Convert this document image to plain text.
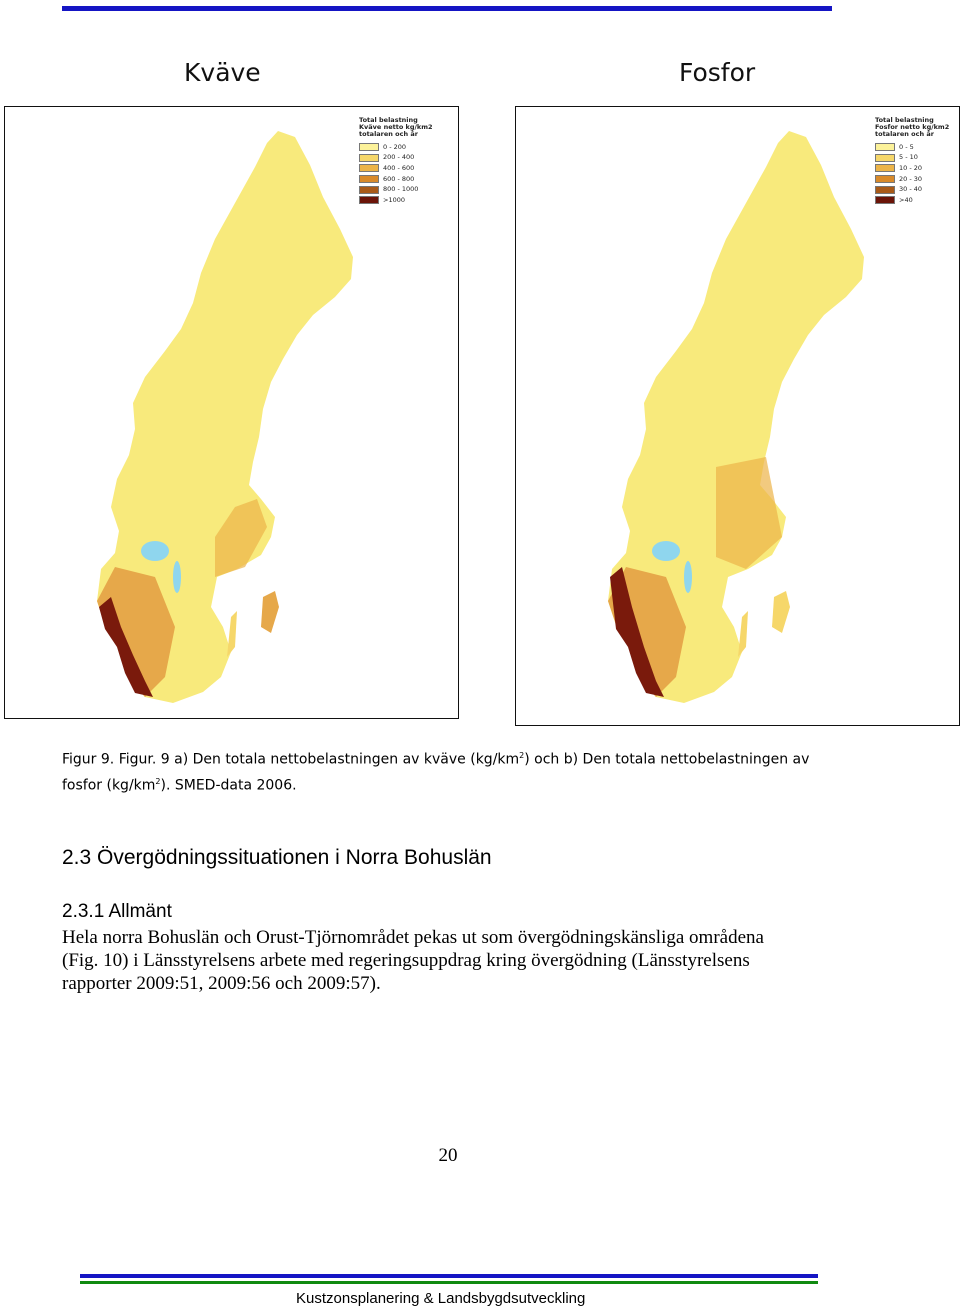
Kväve
Total belastning
Kväve netto kg/km2
totalaren och år
0 - 200
200 - 400
400 - 600
600 - 800
800 - 1000
>1000
Fosfor
Total belastning
Fosfor netto kg/km2
totalaren och år
0 - 5
5 - 10
10 - 20
20 - 30
30 - 40
>40
Figur 9. Figur. 9 a) Den totala nettobelastningen av kväve $(kg/km^2)$ och b) Den totala nettobelastningen av
fosfor $(kg/km^2)$. SMED-data 2006.
2.3 Övergödningssituationen i Norra Bohuslän
2.3.1 Allmänt
Hela norra Bohuslän och Orust-Tjörnområdet pekas ut som övergödningskänsliga områdena
(Fig. 10) i Länsstyrelsens arbete med regeringsuppdrag kring övergödning (Länsstyrelsens
rapporter 2009:51, 2009:56 och 2009:57).
20
Kustzonsplanering & Landsbygdsutveckling
